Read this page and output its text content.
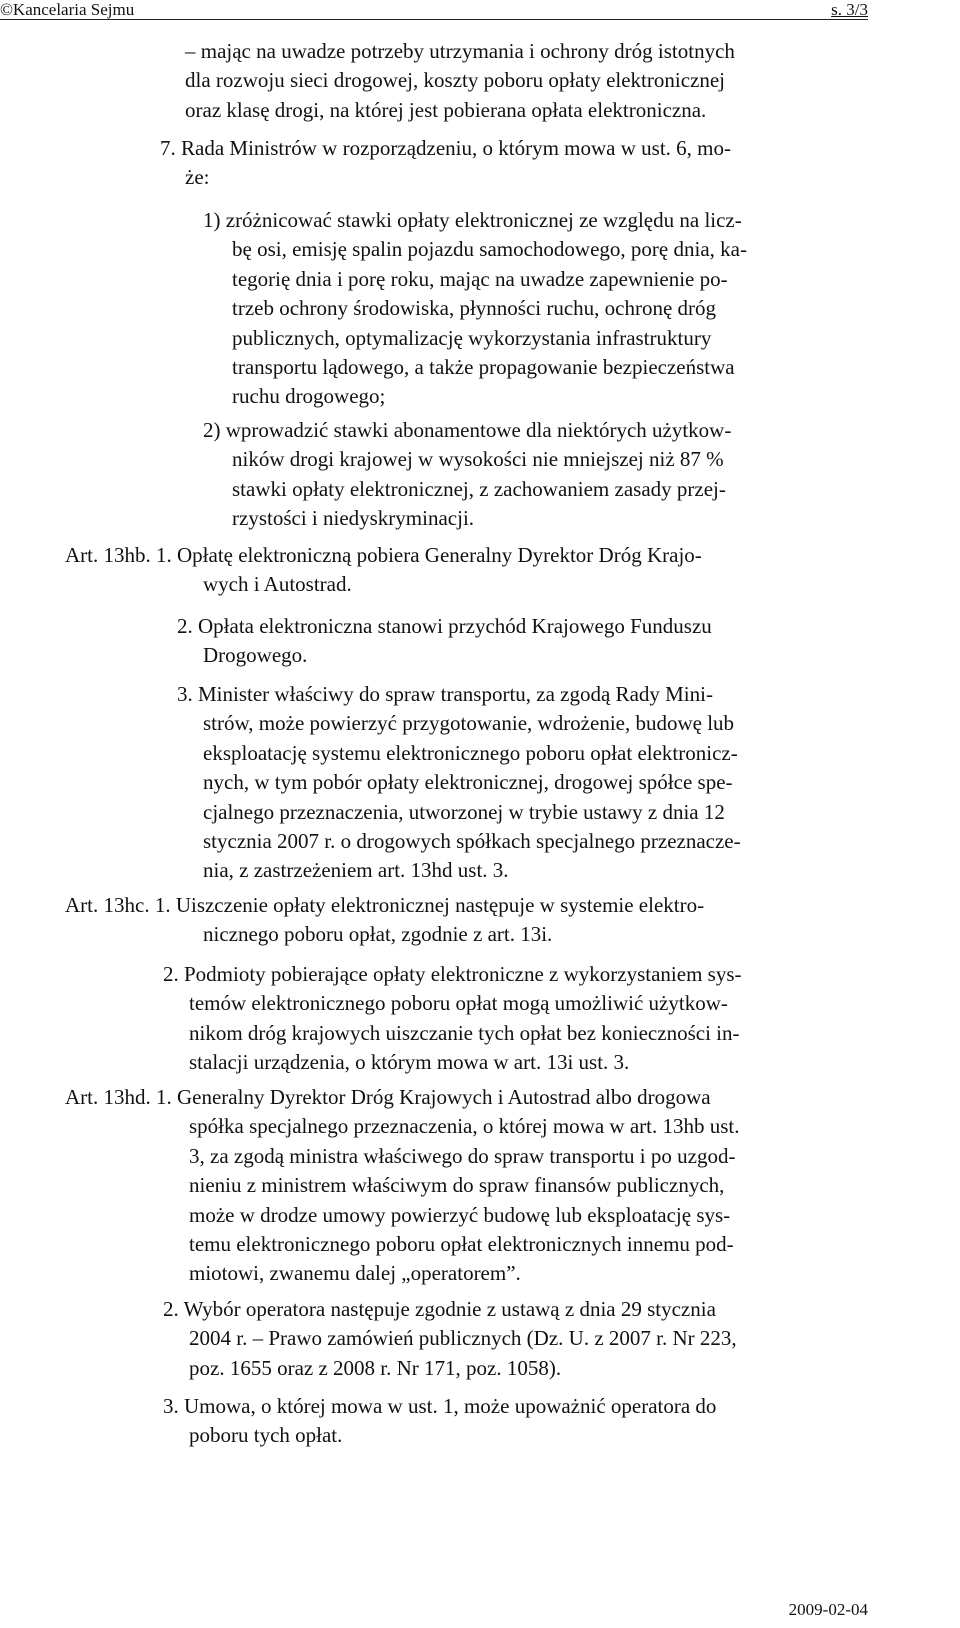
©Kancelaria Sejmu	s. 3/3
– mając na uwadze potrzeby utrzymania i ochrony dróg istotnych
dla rozwoju sieci drogowej, koszty poboru opłaty elektronicznej
oraz klasę drogi, na której jest pobierana opłata elektroniczna.
7. Rada Ministrów w rozporządzeniu, o którym mowa w ust. 6, mo-
że:
1) zróżnicować stawki opłaty elektronicznej ze względu na licz-
bę osi, emisję spalin pojazdu samochodowego, porę dnia, ka-
tegorię dnia i porę roku, mając na uwadze zapewnienie po-
trzeb ochrony środowiska, płynności ruchu, ochronę dróg
publicznych, optymalizację wykorzystania infrastruktury
transportu lądowego, a także propagowanie bezpieczeństwa
ruchu drogowego;
2) wprowadzić stawki abonamentowe dla niektórych użytkow-
ników drogi krajowej w wysokości nie mniejszej niż 87 %
stawki opłaty elektronicznej, z zachowaniem zasady przej-
rzystości i niedyskryminacji.
Art. 13hb. 1. Opłatę elektroniczną pobiera Generalny Dyrektor Dróg Krajo-
wych i Autostrad.
2. Opłata elektroniczna stanowi przychód Krajowego Funduszu
Drogowego.
3. Minister właściwy do spraw transportu, za zgodą Rady Mini-
strów, może powierzyć przygotowanie, wdrożenie, budowę lub
eksploatację systemu elektronicznego poboru opłat elektronicz-
nych, w tym pobór opłaty elektronicznej, drogowej spółce spe-
cjalnego przeznaczenia, utworzonej w trybie ustawy z dnia 12
stycznia 2007 r. o drogowych spółkach specjalnego przeznacze-
nia, z zastrzeżeniem art. 13hd ust. 3.
Art. 13hc. 1. Uiszczenie opłaty elektronicznej następuje w systemie elektro-
nicznego poboru opłat, zgodnie z art. 13i.
2. Podmioty pobierające opłaty elektroniczne z wykorzystaniem sys-
temów elektronicznego poboru opłat mogą umożliwić użytkow-
nikom dróg krajowych uiszczanie tych opłat bez konieczności in-
stalacji urządzenia, o którym mowa w art. 13i ust. 3.
Art. 13hd. 1. Generalny Dyrektor Dróg Krajowych i Autostrad albo drogowa
spółka specjalnego przeznaczenia, o której mowa w art. 13hb ust.
3, za zgodą ministra właściwego do spraw transportu i po uzgod-
nieniu z ministrem właściwym do spraw finansów publicznych,
może w drodze umowy powierzyć budowę lub eksploatację sys-
temu elektronicznego poboru opłat elektronicznych innemu pod-
miotowi, zwanemu dalej „operatorem”.
2. Wybór operatora następuje zgodnie z ustawą z dnia 29 stycznia
2004 r. – Prawo zamówień publicznych (Dz. U. z 2007 r. Nr 223,
poz. 1655 oraz z 2008 r. Nr 171, poz. 1058).
3. Umowa, o której mowa w ust. 1, może upoważnić operatora do
poboru tych opłat.
2009-02-04
